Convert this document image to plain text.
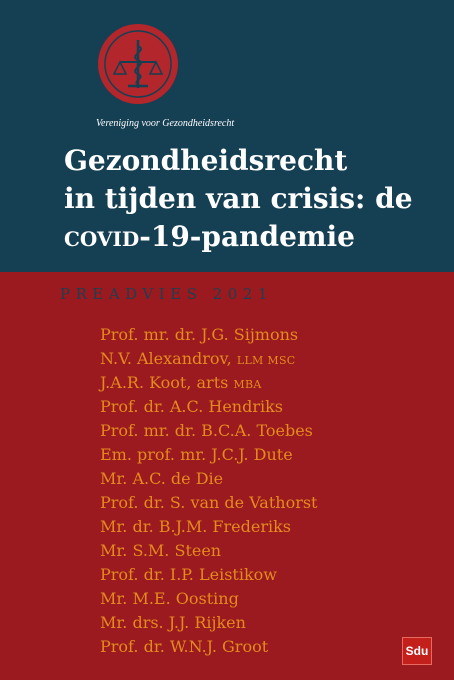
Vereniging voor Gezondheidsrecht
Gezondheidsrecht
in tijden van crisis: de
covid-19-pandemie
PREADVIES 2021
Prof. mr. dr. J.G. Sijmons
N.V. Alexandrov, LLM MSC
J.A.R. Koot, arts MBA
Prof. dr. A.C. Hendriks
Prof. mr. dr. B.C.A. Toebes
Em. prof. mr. J.C.J. Dute
Mr. A.C. de Die
Prof. dr. S. van de Vathorst
Mr. dr. B.J.M. Frederiks
Mr. S.M. Steen
Prof. dr. I.P. Leistikow
Mr. M.E. Oosting
Mr. drs. J.J. Rijken
Prof. dr. W.N.J. Groot	Sdu
